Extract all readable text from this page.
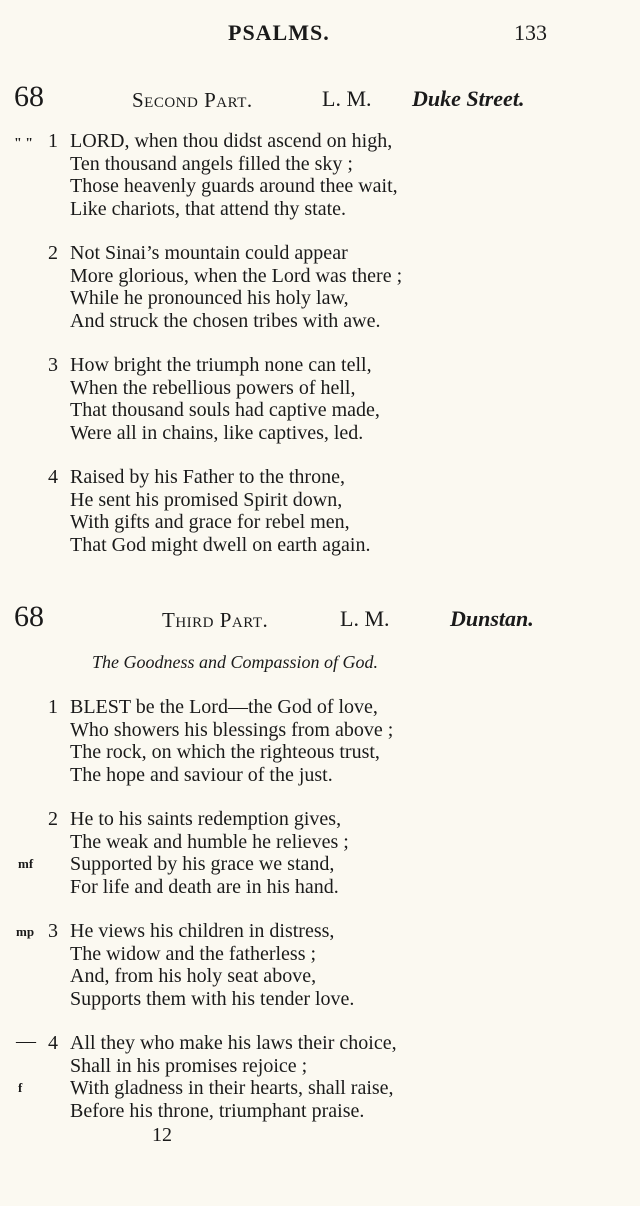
PSALMS.	133
68	Second Part.	L. M. Duke Street.
" " 1 LORD, when thou didst ascend on high,
Ten thousand angels filled the sky ;
Those heavenly guards around thee wait,
Like chariots, that attend thy state.
2 Not Sinai’s mountain could appear
More glorious, when the Lord was there ;
While he pronounced his holy law,
And struck the chosen tribes with awe.
3 How bright the triumph none can tell,
When the rebellious powers of hell,
That thousand souls had captive made,
Were all in chains, like captives, led.
4 Raised by his Father to the throne,
He sent his promised Spirit down,
With gifts and grace for rebel men,
That God might dwell on earth again.
68	Third Part.	L. M.	Dunstan.
The Goodness and Compassion of God.
1 BLEST be the Lord—the God of love,
Who showers his blessings from above ;
The rock, on which the righteous trust,
The hope and saviour of the just.
2 He to his saints redemption gives,
The weak and humble he relieves ;
Supported by his grace we stand,
For life and death are in his hand.
mf
3 He views his children in distress,
The widow and the fatherless ;
And, from his holy seat above,
Supports them with his tender love.
mp
4 All they who make his laws their choice,
Shall in his promises rejoice ;
With gladness in their hearts, shall raise,
Before his throne, triumphant praise.
—
f
12
